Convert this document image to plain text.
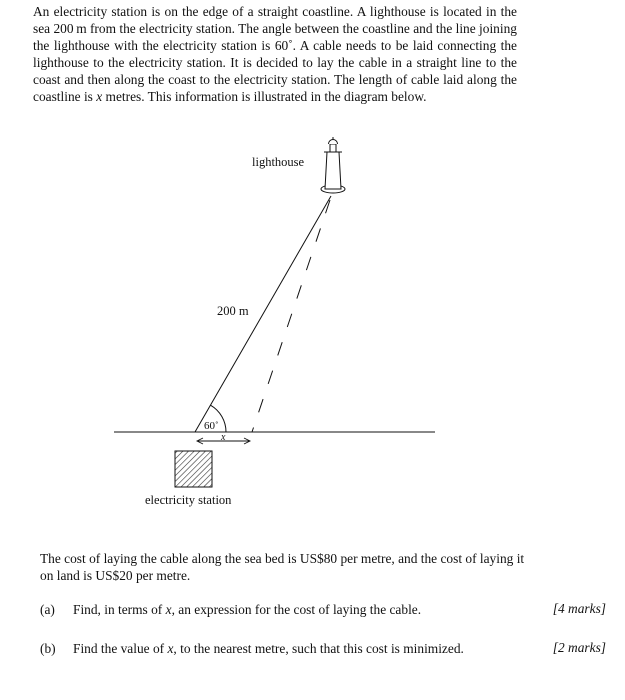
An electricity station is on the edge of a straight coastline. A lighthouse is located in the sea 200 m from the electricity station. The angle between the coastline and the line joining the lighthouse with the electricity station is 60˚. A cable needs to be laid connecting the lighthouse to the electricity station. It is decided to lay the cable in a straight line to the coast and then along the coast to the electricity station. The length of cable laid along the coastline is x metres. This information is illustrated in the diagram below.

60˚
x
200 m
lighthouse
electricity station

The cost of laying the cable along the sea bed is US$80 per metre, and the cost of laying it on land is US$20 per metre.

(a) Find, in terms of x, an expression for the cost of laying the cable.	[4 marks]
(b) Find the value of x, to the nearest metre, such that this cost is minimized.	[2 marks]
